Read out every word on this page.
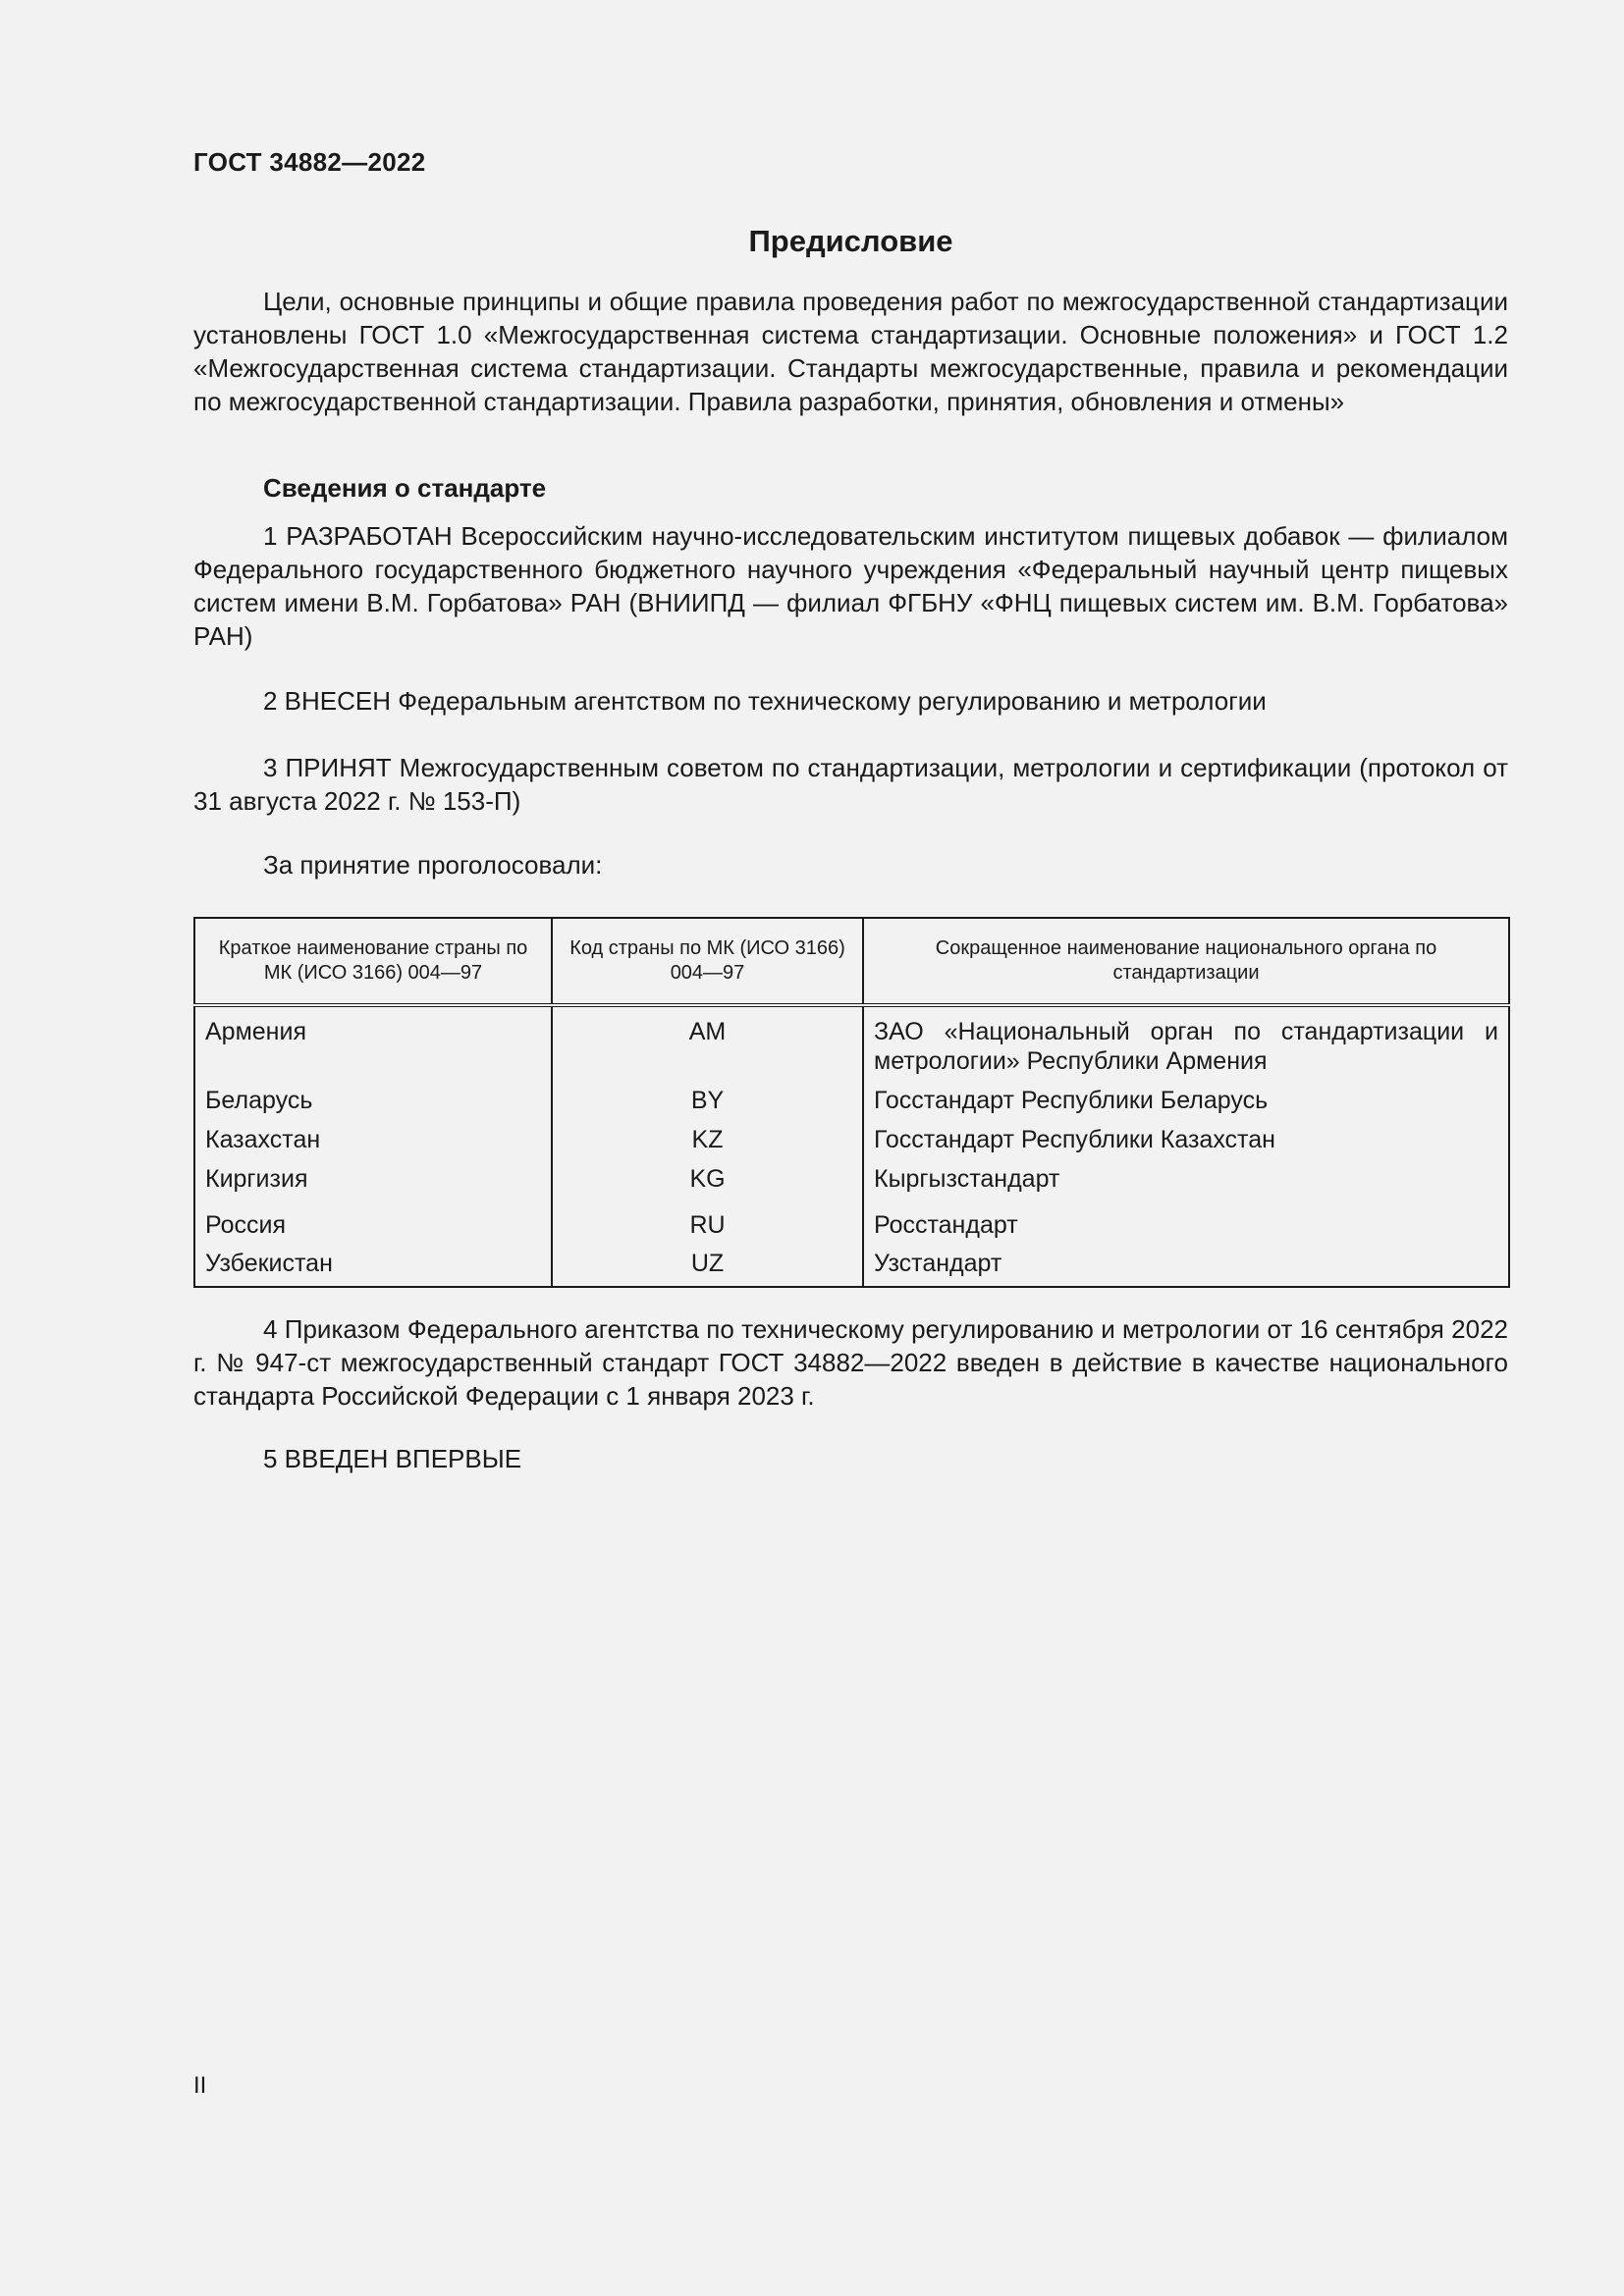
ГОСТ 34882—2022
Предисловие

Цели, основные принципы и общие правила проведения работ по межгосударственной стандартизации установлены ГОСТ 1.0 «Межгосударственная система стандартизации. Основные положения» и ГОСТ 1.2 «Межгосударственная система стандартизации. Стандарты межгосударственные, правила и рекомендации по межгосударственной стандартизации. Правила разработки, принятия, обновления и отмены»

Сведения о стандарте

1 РАЗРАБОТАН Всероссийским научно-исследовательским институтом пищевых добавок — филиалом Федерального государственного бюджетного научного учреждения «Федеральный научный центр пищевых систем имени В.М. Горбатова» РАН (ВНИИПД — филиал ФГБНУ «ФНЦ пищевых систем им. В.М. Горбатова» РАН)

2 ВНЕСЕН Федеральным агентством по техническому регулированию и метрологии

3 ПРИНЯТ Межгосударственным советом по стандартизации, метрологии и сертификации (протокол от 31 августа 2022 г. № 153-П)

За принятие проголосовали:

Краткое наименование страны по МК (ИСО 3166) 004—97	Код страны по МК (ИСО 3166) 004—97	Сокращенное наименование национального органа по стандартизации
Армения	AM	ЗАО «Национальный орган по стандартизации и метрологии» Республики Армения
Беларусь	BY	Госстандарт Республики Беларусь
Казахстан	KZ	Госстандарт Республики Казахстан
Киргизия	KG	Кыргызстандарт
Россия	RU	Росстандарт
Узбекистан	UZ	Узстандарт

4 Приказом Федерального агентства по техническому регулированию и метрологии от 16 сентября 2022 г. № 947-ст межгосударственный стандарт ГОСТ 34882—2022 введен в действие в качестве национального стандарта Российской Федерации с 1 января 2023 г.

5 ВВЕДЕН ВПЕРВЫЕ

II
